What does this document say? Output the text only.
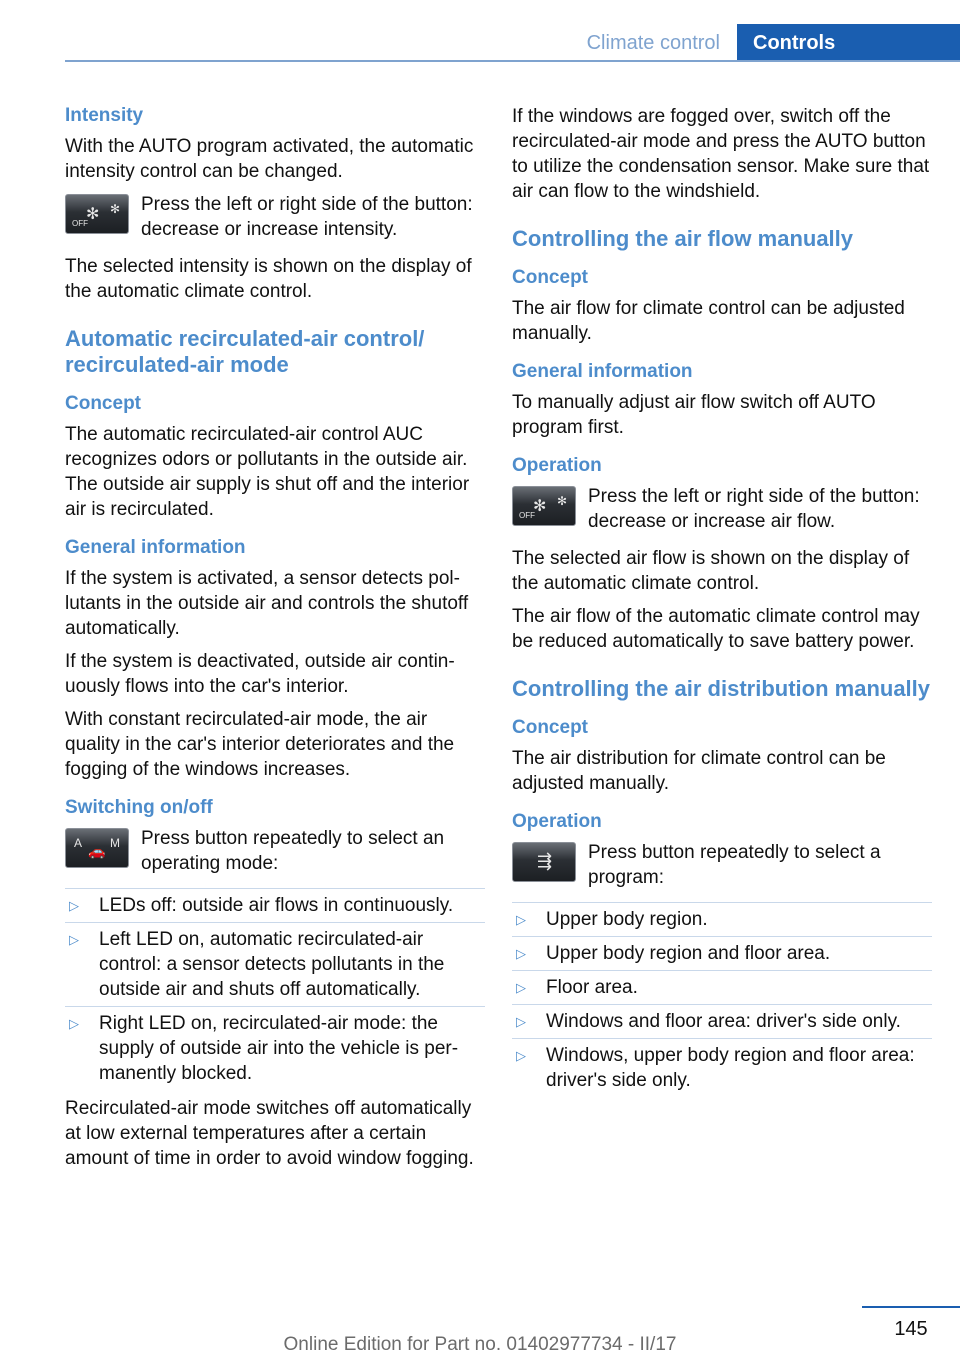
Climate control	Controls
Intensity

With the AUTO program activated, the automatic intensity control can be changed.

✻ ✻
OFF

Press the left or right side of the button: decrease or increase intensity.

The selected intensity is shown on the display of the automatic climate control.

Automatic recirculated-air control/ recirculated-air mode
Concept

The automatic recirculated-air control AUC recognizes odors or pollutants in the outside air. The outside air supply is shut off and the interior air is recirculated.

General information

If the system is activated, a sensor detects pollutants in the outside air and controls the shutoff automatically.

If the system is deactivated, outside air continuously flows into the car's interior.

With constant recirculated-air mode, the air quality in the car's interior deteriorates and the fogging of the windows increases.

Switching on/off
A M
🚗

Press button repeatedly to select an operating mode:

▷	LEDs off: outside air flows in continuously.
▷	Left LED on, automatic recirculated-air control: a sensor detects pollutants in the outside air and shuts off automatically.
▷	Right LED on, recirculated-air mode: the supply of outside air into the vehicle is permanently blocked.

Recirculated-air mode switches off automatically at low external temperatures after a certain amount of time in order to avoid window fogging.

If the windows are fogged over, switch off the recirculated-air mode and press the AUTO button to utilize the condensation sensor. Make sure that air can flow to the windshield.

Controlling the air flow manually
Concept

The air flow for climate control can be adjusted manually.

General information

To manually adjust air flow switch off AUTO program first.

Operation
✻ ✻
OFF

Press the left or right side of the button: decrease or increase air flow.

The selected air flow is shown on the display of the automatic climate control.

The air flow of the automatic climate control may be reduced automatically to save battery power.

Controlling the air distribution manually
Concept

The air distribution for climate control can be adjusted manually.

Operation
⇶ Press button repeatedly to select a program:

▷	Upper body region.
▷	Upper body region and floor area.
▷	Floor area.
▷	Windows and floor area: driver's side only.
▷	Windows, upper body region and floor area: driver's side only.
145
Online Edition for Part no. 01402977734 - II/17
